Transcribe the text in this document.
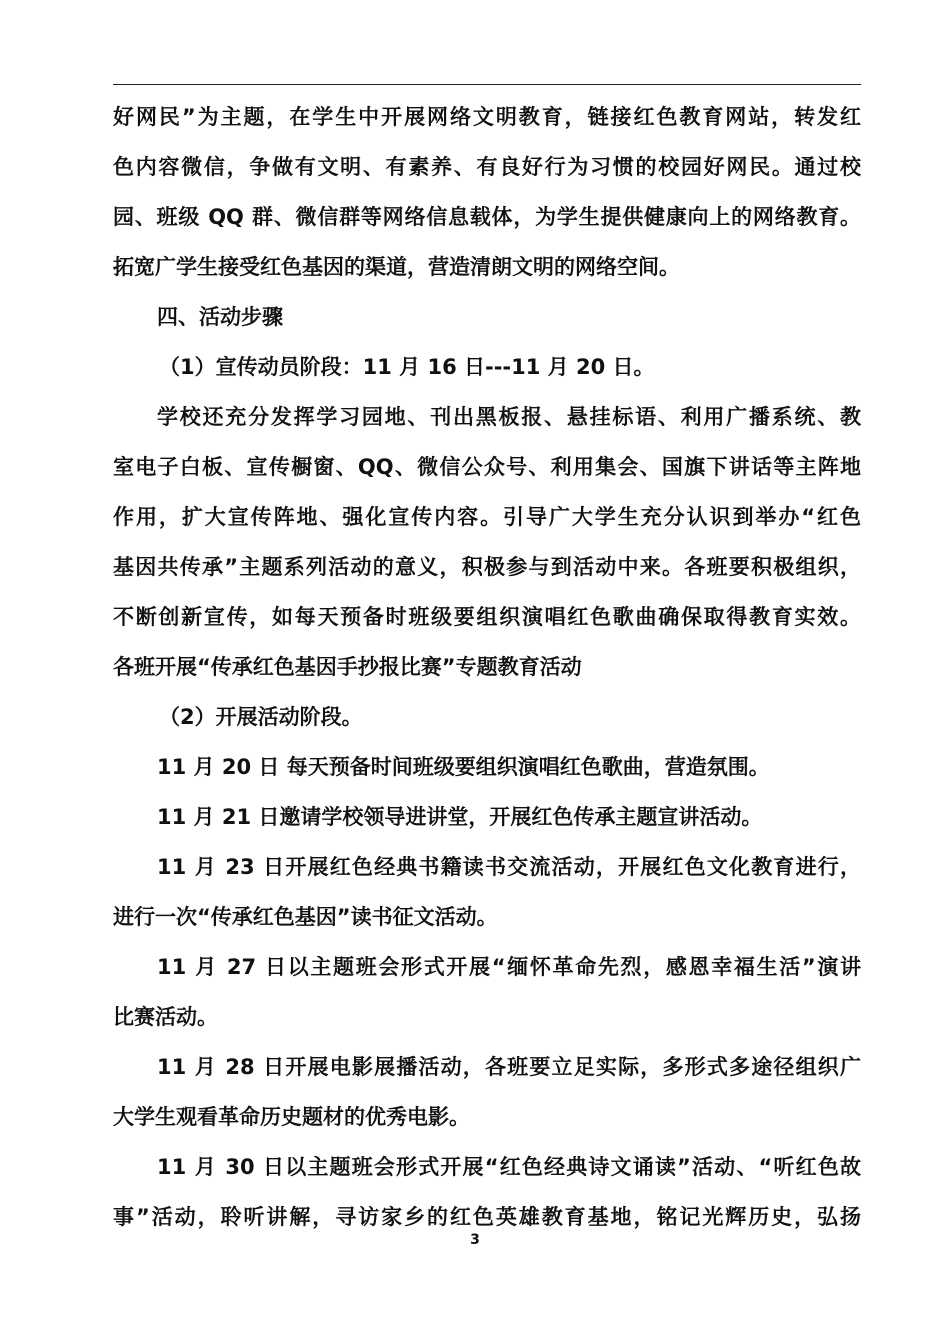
好网民”为主题，在学生中开展网络文明教育，链接红色教育网站，转发红
色内容微信，争做有文明、有素养、有良好行为习惯的校园好网民。通过校
园、班级 QQ 群、微信群等网络信息载体，为学生提供健康向上的网络教育。
拓宽广学生接受红色基因的渠道，营造清朗文明的网络空间。
四、活动步骤
（1）宣传动员阶段：11 月 16 日---11 月 20 日。
学校还充分发挥学习园地、刊出黑板报、悬挂标语、利用广播系统、教
室电子白板、宣传橱窗、QQ、微信公众号、利用集会、国旗下讲话等主阵地
作用，扩大宣传阵地、强化宣传内容。引导广大学生充分认识到举办“红色
基因共传承”主题系列活动的意义，积极参与到活动中来。各班要积极组织，
不断创新宣传，如每天预备时班级要组织演唱红色歌曲确保取得教育实效。
各班开展“传承红色基因手抄报比赛”专题教育活动
（2）开展活动阶段。
11 月 20 日 每天预备时间班级要组织演唱红色歌曲，营造氛围。
11 月 21 日邀请学校领导进讲堂，开展红色传承主题宣讲活动。
11 月 23 日开展红色经典书籍读书交流活动，开展红色文化教育进行，
进行一次“传承红色基因”读书征文活动。
11 月 27 日以主题班会形式开展“缅怀革命先烈，感恩幸福生活”演讲
比赛活动。
11 月 28 日开展电影展播活动，各班要立足实际，多形式多途径组织广
大学生观看革命历史题材的优秀电影。
11 月 30 日以主题班会形式开展“红色经典诗文诵读”活动、“听红色故
事”活动，聆听讲解，寻访家乡的红色英雄教育基地，铭记光辉历史，弘扬
3
